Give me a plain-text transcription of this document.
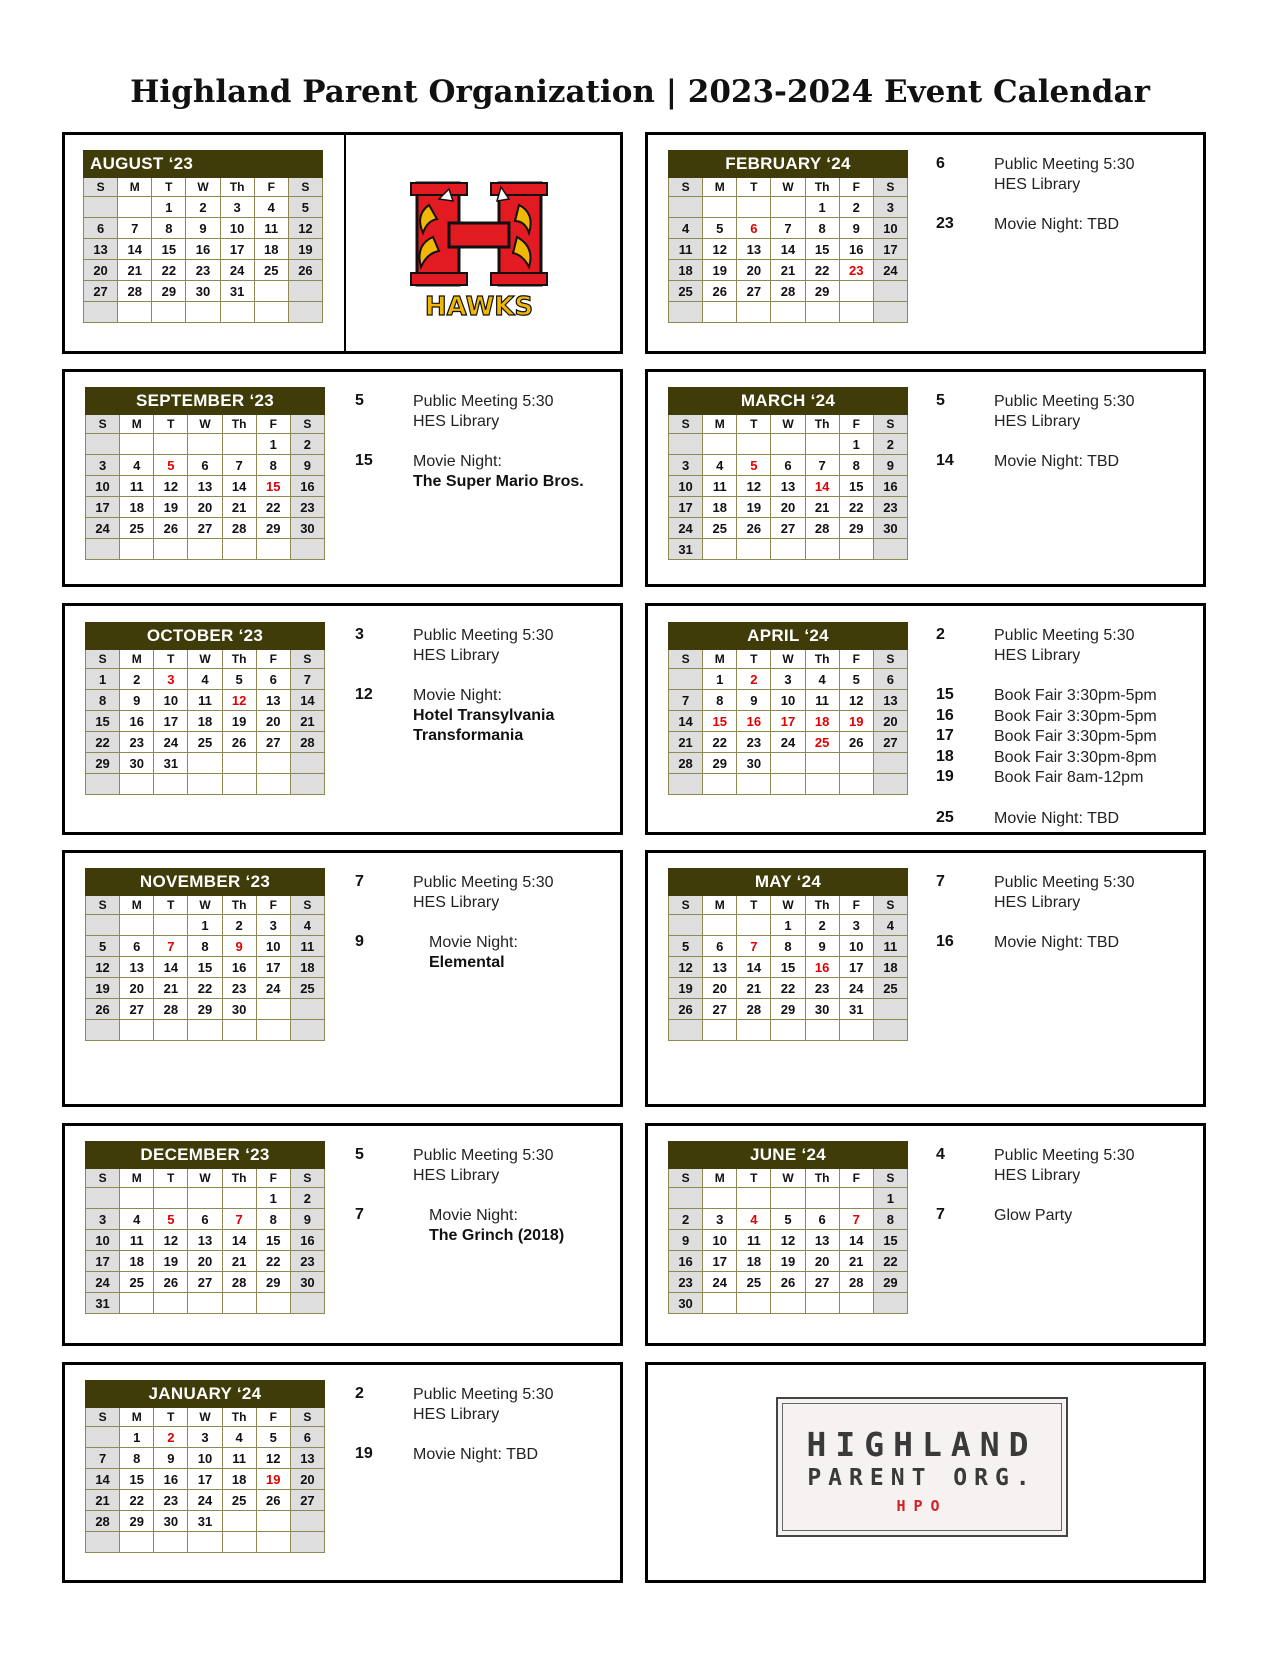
Highland Parent Organization | 2023-2024 Event Calendar
HAWKS
AUGUST ‘23						
S	M	T	W	Th	F	S
		1	2	3	4	5
6	7	8	9	10	11	12
13	14	15	16	17	18	19
20	21	22	23	24	25	26
27	28	29	30	31		

FEBRUARY ‘24						
S	M	T	W	Th	F	S
				1	2	3
4	5	6	7	8	9	10
11	12	13	14	15	16	17
18	19	20	21	22	23	24
25	26	27	28	29		

6	Public Meeting 5:30
HES Library
23	Movie Night: TBD
SEPTEMBER ‘23						
S	M	T	W	Th	F	S
					1	2
3	4	5	6	7	8	9
10	11	12	13	14	15	16
17	18	19	20	21	22	23
24	25	26	27	28	29	30

5	Public Meeting 5:30
HES Library
15	Movie Night:
The Super Mario Bros.
MARCH ‘24						
S	M	T	W	Th	F	S
					1	2
3	4	5	6	7	8	9
10	11	12	13	14	15	16
17	18	19	20	21	22	23
24	25	26	27	28	29	30
31						
5	Public Meeting 5:30
HES Library
14	Movie Night: TBD
OCTOBER ‘23						
S	M	T	W	Th	F	S
1	2	3	4	5	6	7
8	9	10	11	12	13	14
15	16	17	18	19	20	21
22	23	24	25	26	27	28
29	30	31				

3	Public Meeting 5:30
HES Library
12	Movie Night:
Hotel Transylvania
Transformania
APRIL ‘24						
S	M	T	W	Th	F	S
	1	2	3	4	5	6
7	8	9	10	11	12	13
14	15	16	17	18	19	20
21	22	23	24	25	26	27
28	29	30				

2	Public Meeting 5:30
HES Library
15	Book Fair 3:30pm-5pm
16	Book Fair 3:30pm-5pm
17	Book Fair 3:30pm-5pm
18	Book Fair 3:30pm-8pm
19	Book Fair 8am-12pm
25	Movie Night: TBD
NOVEMBER ‘23						
S	M	T	W	Th	F	S
			1	2	3	4
5	6	7	8	9	10	11
12	13	14	15	16	17	18
19	20	21	22	23	24	25
26	27	28	29	30		

7	Public Meeting 5:30
HES Library
9	Movie Night:
Elemental
MAY ‘24						
S	M	T	W	Th	F	S
			1	2	3	4
5	6	7	8	9	10	11
12	13	14	15	16	17	18
19	20	21	22	23	24	25
26	27	28	29	30	31	

7	Public Meeting 5:30
HES Library
16	Movie Night: TBD
DECEMBER ‘23						
S	M	T	W	Th	F	S
					1	2
3	4	5	6	7	8	9
10	11	12	13	14	15	16
17	18	19	20	21	22	23
24	25	26	27	28	29	30
31						
5	Public Meeting 5:30
HES Library
7	Movie Night:
The Grinch (2018)
JUNE ‘24						
S	M	T	W	Th	F	S
						1
2	3	4	5	6	7	8
9	10	11	12	13	14	15
16	17	18	19	20	21	22
23	24	25	26	27	28	29
30						
4	Public Meeting 5:30
HES Library
7	Glow Party
JANUARY ‘24						
S	M	T	W	Th	F	S
	1	2	3	4	5	6
7	8	9	10	11	12	13
14	15	16	17	18	19	20
21	22	23	24	25	26	27
28	29	30	31			

2	Public Meeting 5:30
HES Library
19	Movie Night: TBD	HIGHLAND
PARENT ORG.
HPO
